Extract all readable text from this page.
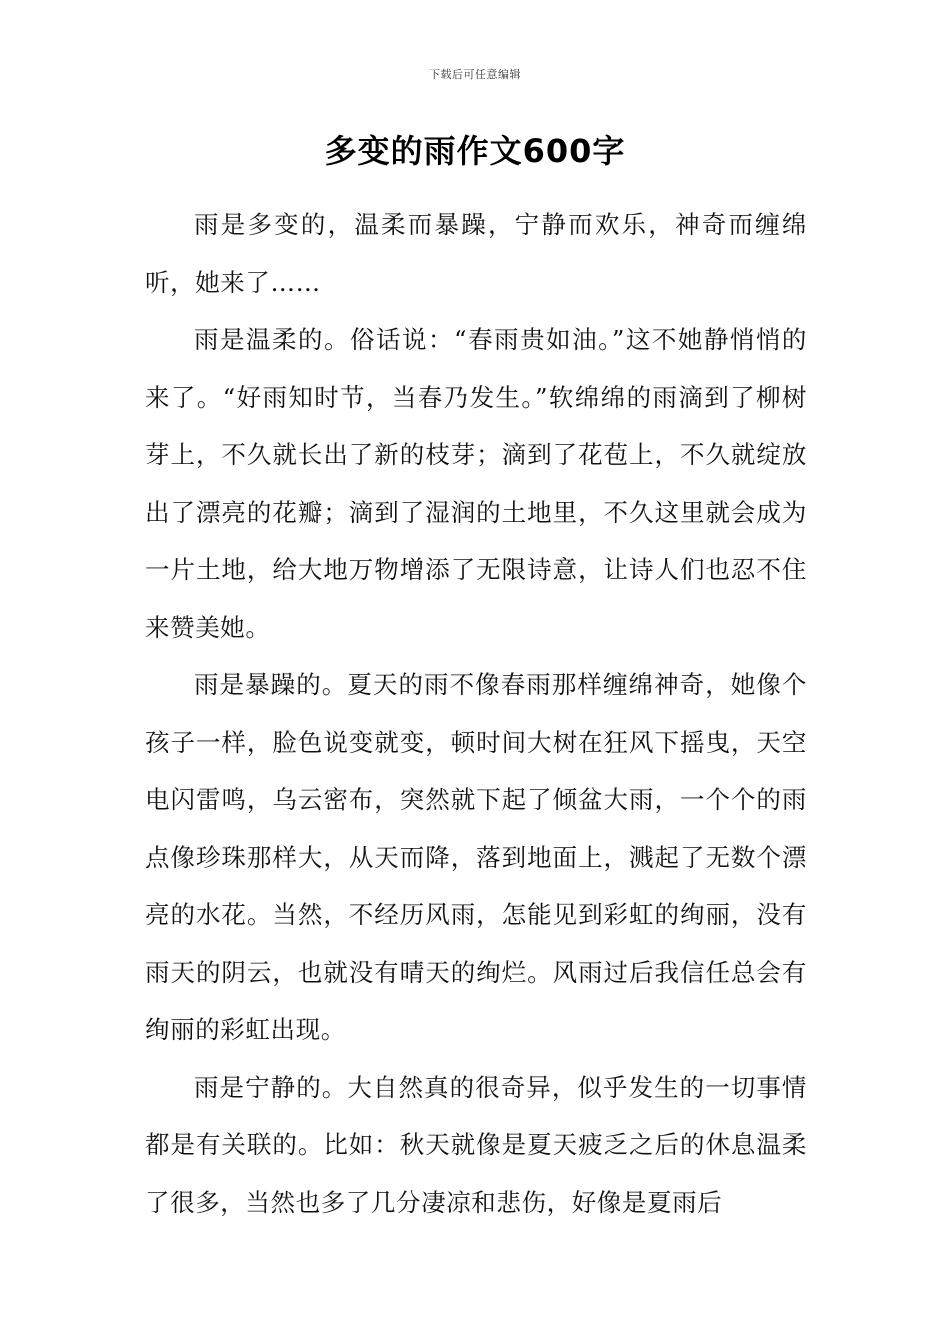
下载后可任意编辑
多变的雨作文600字

雨是多变的，温柔而暴躁，宁静而欢乐，神奇而缠绵听，她来了……

雨是温柔的。俗话说：“春雨贵如油。”这不她静悄悄的来了。“好雨知时节，当春乃发生。”软绵绵的雨滴到了柳树芽上，不久就长出了新的枝芽；滴到了花苞上，不久就绽放出了漂亮的花瓣；滴到了湿润的土地里，不久这里就会成为一片土地，给大地万物增添了无限诗意，让诗人们也忍不住来赞美她。

雨是暴躁的。夏天的雨不像春雨那样缠绵神奇，她像个孩子一样，脸色说变就变，顿时间大树在狂风下摇曳，天空电闪雷鸣，乌云密布，突然就下起了倾盆大雨，一个个的雨点像珍珠那样大，从天而降，落到地面上，溅起了无数个漂亮的水花。当然，不经历风雨，怎能见到彩虹的绚丽，没有雨天的阴云，也就没有晴天的绚烂。风雨过后我信任总会有绚丽的彩虹出现。

雨是宁静的。大自然真的很奇异，似乎发生的一切事情都是有关联的。比如：秋天就像是夏天疲乏之后的休息温柔了很多，当然也多了几分凄凉和悲伤，好像是夏雨后
